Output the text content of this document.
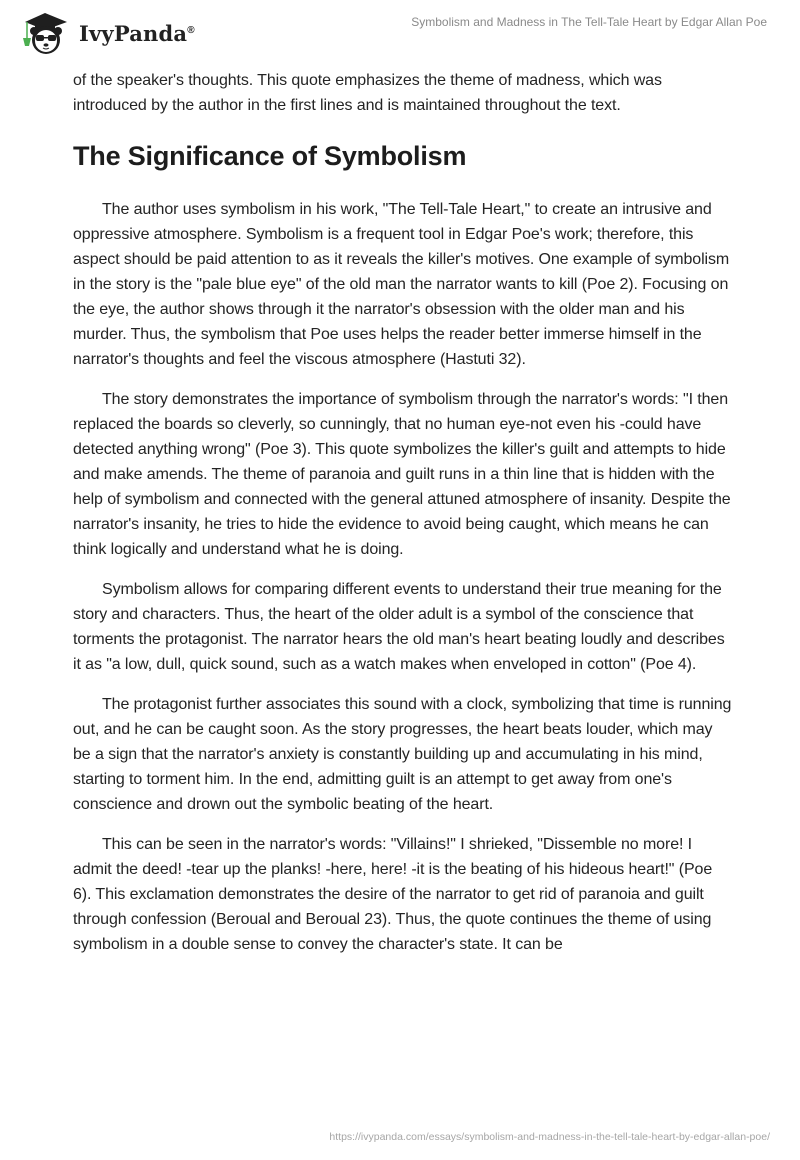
IvyPanda®
Symbolism and Madness in The Tell-Tale Heart by Edgar Allan Poe

of the speaker's thoughts. This quote emphasizes the theme of madness, which was introduced by the author in the first lines and is maintained throughout the text.

The Significance of Symbolism

The author uses symbolism in his work, "The Tell-Tale Heart," to create an intrusive and oppressive atmosphere. Symbolism is a frequent tool in Edgar Poe's work; therefore, this aspect should be paid attention to as it reveals the killer's motives. One example of symbolism in the story is the "pale blue eye" of the old man the narrator wants to kill (Poe 2). Focusing on the eye, the author shows through it the narrator's obsession with the older man and his murder. Thus, the symbolism that Poe uses helps the reader better immerse himself in the narrator's thoughts and feel the viscous atmosphere (Hastuti 32).

The story demonstrates the importance of symbolism through the narrator's words: "I then replaced the boards so cleverly, so cunningly, that no human eye-not even his -could have detected anything wrong" (Poe 3). This quote symbolizes the killer's guilt and attempts to hide and make amends. The theme of paranoia and guilt runs in a thin line that is hidden with the help of symbolism and connected with the general attuned atmosphere of insanity. Despite the narrator's insanity, he tries to hide the evidence to avoid being caught, which means he can think logically and understand what he is doing.

Symbolism allows for comparing different events to understand their true meaning for the story and characters. Thus, the heart of the older adult is a symbol of the conscience that torments the protagonist. The narrator hears the old man's heart beating loudly and describes it as "a low, dull, quick sound, such as a watch makes when enveloped in cotton" (Poe 4).

The protagonist further associates this sound with a clock, symbolizing that time is running out, and he can be caught soon. As the story progresses, the heart beats louder, which may be a sign that the narrator's anxiety is constantly building up and accumulating in his mind, starting to torment him. In the end, admitting guilt is an attempt to get away from one's conscience and drown out the symbolic beating of the heart.

This can be seen in the narrator's words: "Villains!" I shrieked, "Dissemble no more! I admit the deed! -tear up the planks! -here, here! -it is the beating of his hideous heart!" (Poe 6). This exclamation demonstrates the desire of the narrator to get rid of paranoia and guilt through confession (Beroual and Beroual 23). Thus, the quote continues the theme of using symbolism in a double sense to convey the character's state. It can be

https://ivypanda.com/essays/symbolism-and-madness-in-the-tell-tale-heart-by-edgar-allan-poe/
